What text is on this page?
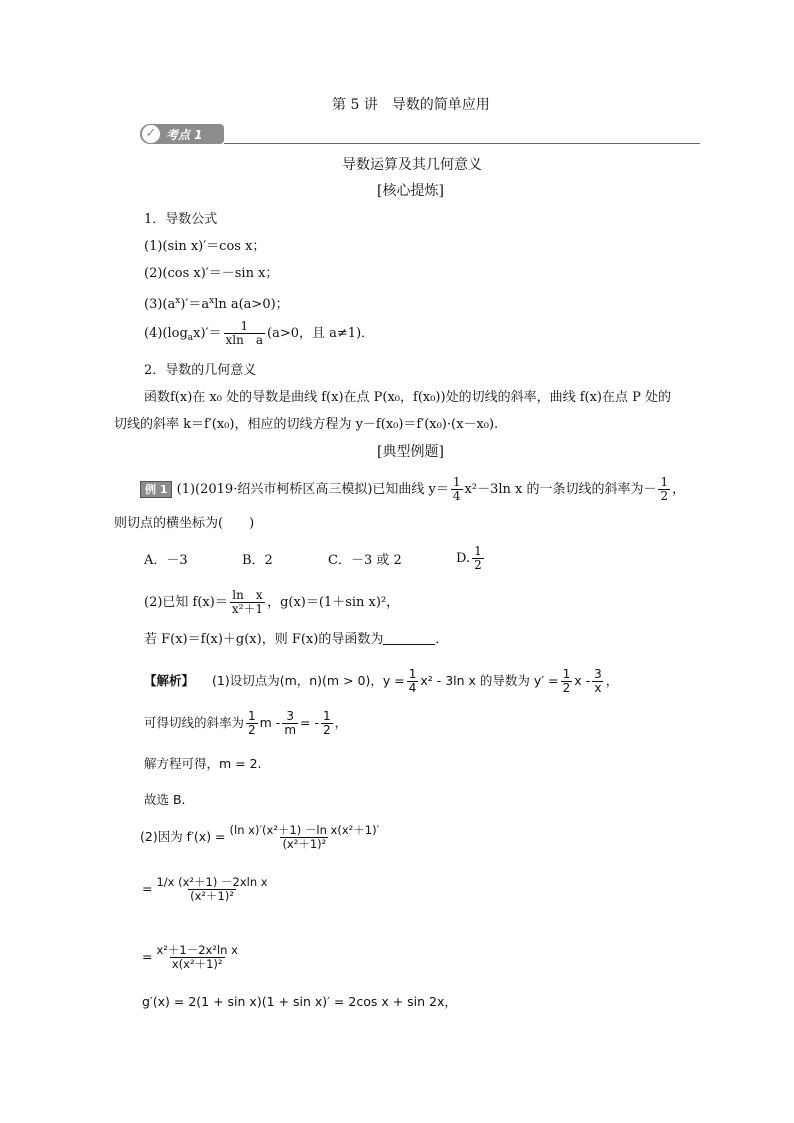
第 5 讲　导数的简单应用
✓ 考点 1
导数运算及其几何意义
[核心提炼]
1．导数公式
(1)(sin x)′＝cos x；
(2)(cos x)′＝－sin x；
$(3)(a^x)'=a^x\ln$ a(a>0)；
$(4)(\log_ax)'= \frac{1}{\text{xln　a}} (a>0$，且 a≠1)．
2．导数的几何意义
函数f(x)在 x₀ 处的导数是曲线 f(x)在点 P(x₀，f(x₀))处的切线的斜率，曲线 f(x)在点 P 处的
切线的斜率 k＝f′(x₀)，相应的切线方程为 y－f(x₀)＝f′(x₀)·(x－x₀).
[典型例题]
例 1 (1)(2019·绍兴市柯桥区高三模拟)已知曲线 $y= \frac{1}{4} x^2-3\ln$ x 的一条切线的斜率为－ $\frac{1}{2}$ ，
则切点的横坐标为(　　)
A．－3	B．2	C．－3 或 2	D. $\frac{1}{2}$
(2)已知 $f(x)= \frac{\text{ln　x}}{\text{x²＋1}}$ ，g(x)＝(1＋sin x)²，
若 F(x)＝f(x)＋g(x)，则 F(x)的导函数为	．
【解析】 (1)设切点为(m，n)(m > 0)，$y = \frac{1}{4} x^2 - 3\ln$ x 的导数为 $y' = \frac{1}{2}$ x - $\frac{3}{x}$ ，
可得切线的斜率为 $\frac{1}{2}$ m - $\frac{3}{m}$ = - $\frac{1}{2}$ ，
解方程可得，m = 2.
故选 B.
(2)因为 $f'(x) = \frac{\text{(ln x)′(x²＋1) －ln x(x²＋1)′}}{\text{(x²＋1)²}}$
= $\frac{\text{1/x (x²＋1) －2xln x}}{\text{(x²＋1)²}}$
= $\frac{\text{x²＋1－2x²ln x}}{\text{x(x²＋1)²}}$
g′(x) = 2(1 + sin x)(1 + sin x)′ = 2cos x + sin 2x，
